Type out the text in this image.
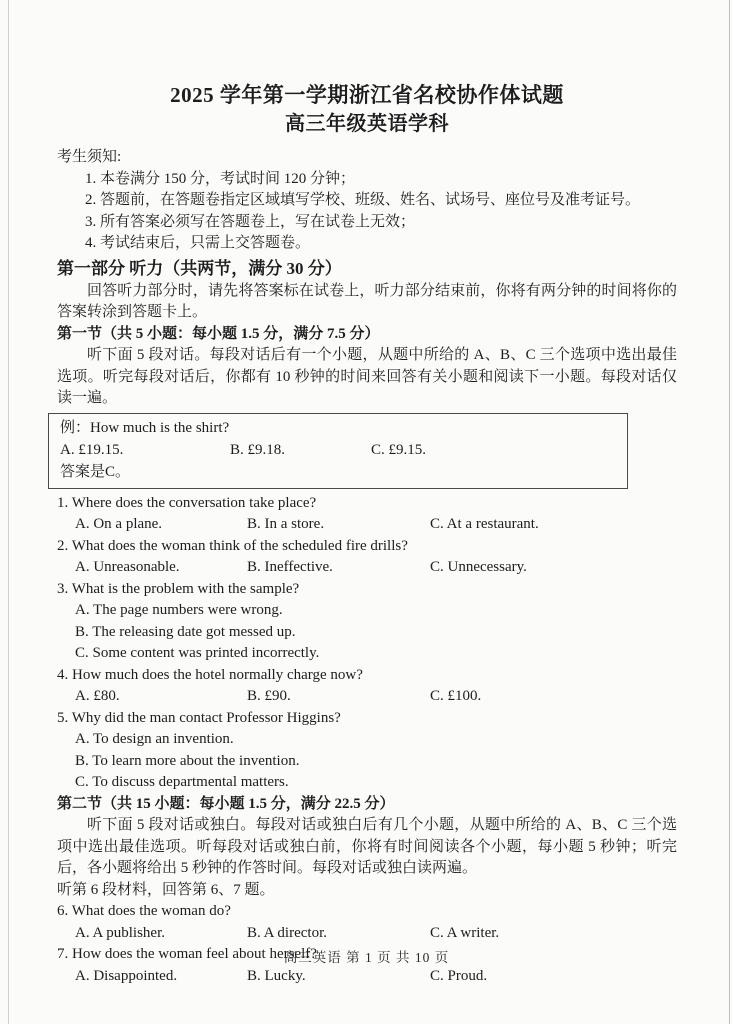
2025 学年第一学期浙江省名校协作体试题
高三年级英语学科
考生须知:
1. 本卷满分 150 分，考试时间 120 分钟；
2. 答题前，在答题卷指定区域填写学校、班级、姓名、试场号、座位号及准考证号。
3. 所有答案必须写在答题卷上，写在试卷上无效；
4. 考试结束后，只需上交答题卷。
第一部分 听力（共两节，满分 30 分）

回答听力部分时，请先将答案标在试卷上，听力部分结束前，你将有两分钟的时间将你的答案转涂到答题卡上。

第一节（共 5 小题：每小题 1.5 分，满分 7.5 分）

听下面 5 段对话。每段对话后有一个小题，从题中所给的 A、B、C 三个选项中选出最佳选项。听完每段对话后，你都有 10 秒钟的时间来回答有关小题和阅读下一小题。每段对话仅读一遍。

例：How much is the shirt?
A. £19.15.	B. £9.18.	C. £9.15.
答案是C。
1. Where does the conversation take place?
A. On a plane.	B. In a store.	C. At a restaurant.
2. What does the woman think of the scheduled fire drills?
A. Unreasonable.	B. Ineffective.	C. Unnecessary.
3. What is the problem with the sample?
A. The page numbers were wrong.
B. The releasing date got messed up.
C. Some content was printed incorrectly.
4. How much does the hotel normally charge now?
A. £80.	B. £90.	C. £100.
5. Why did the man contact Professor Higgins?
A. To design an invention.
B. To learn more about the invention.
C. To discuss departmental matters.
第二节（共 15 小题：每小题 1.5 分，满分 22.5 分）

听下面 5 段对话或独白。每段对话或独白后有几个小题，从题中所给的 A、B、C 三个选项中选出最佳选项。听每段对话或独白前，你将有时间阅读各个小题，每小题 5 秒钟；听完后，各小题将给出 5 秒钟的作答时间。每段对话或独白读两遍。

听第 6 段材料，回答第 6、7 题。
6. What does the woman do?
A. A publisher.	B. A director.	C. A writer.
7. How does the woman feel about herself?
A. Disappointed.	B. Lucky.	C. Proud.
高三英语 第 1 页 共 10 页
